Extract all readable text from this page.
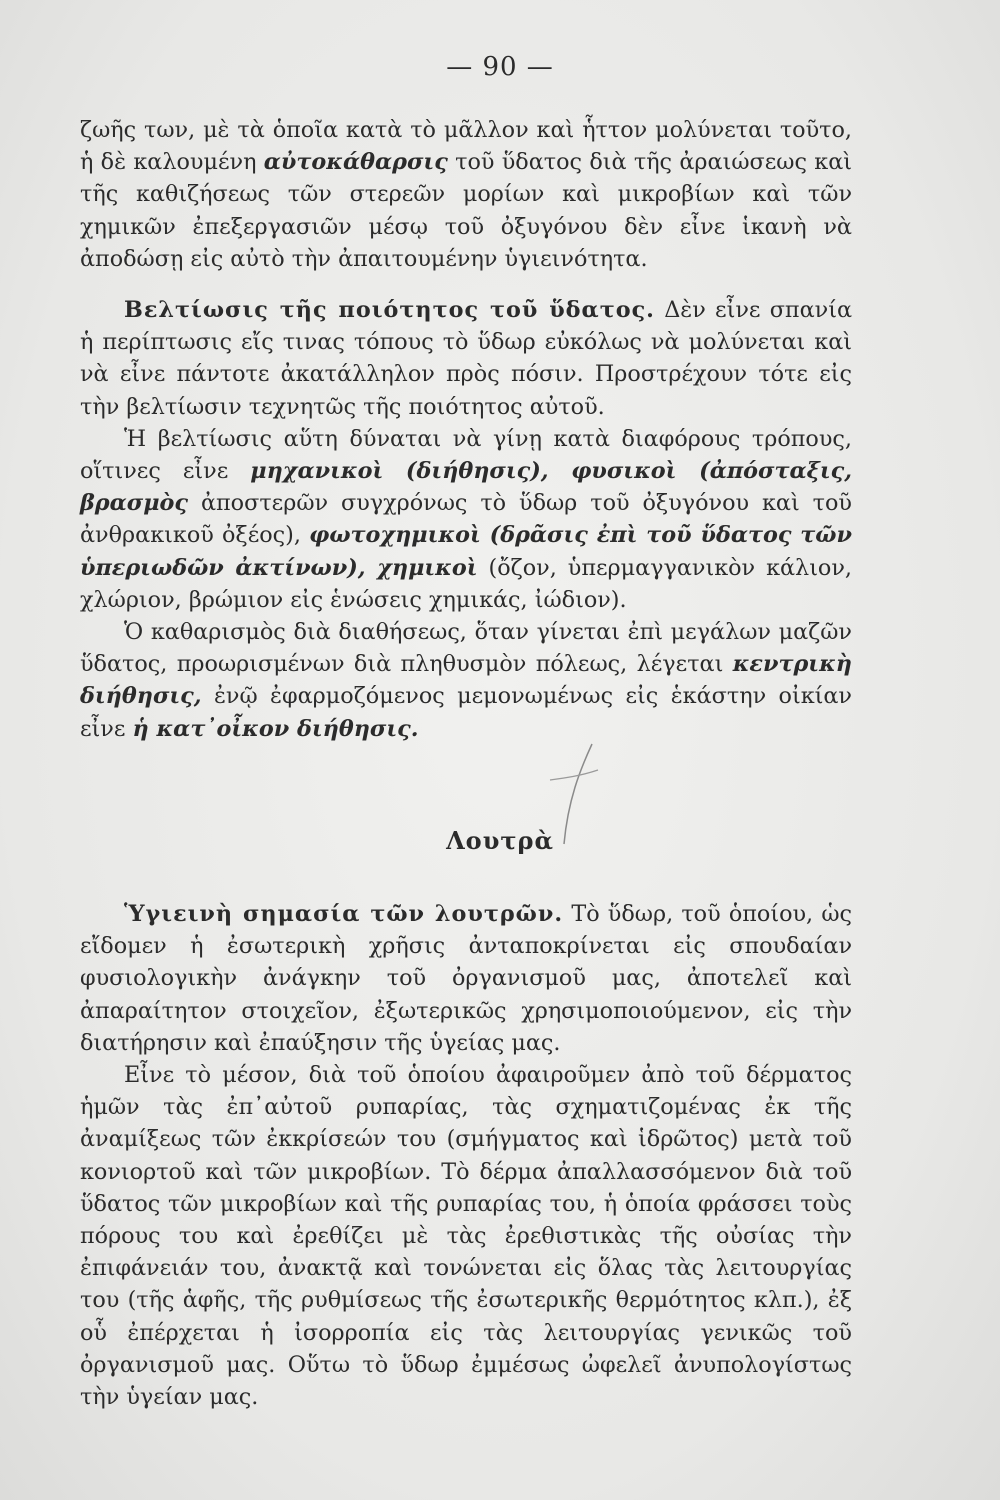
— 90 —

ζωῆς των, μὲ τὰ ὁποῖα κατὰ τὸ μᾶλλον καὶ ἧττον μολύνεται τοῦτο, ἡ δὲ καλουμένη αὐτοκάθαρσις τοῦ ὕδατος διὰ τῆς ἀραιώσεως καὶ τῆς καθιζήσεως τῶν στερεῶν μορίων καὶ μικροβίων καὶ τῶν χημικῶν ἐπεξεργασιῶν μέσῳ τοῦ ὀξυγόνου δὲν εἶνε ἱκανὴ νὰ ἀποδώσῃ εἰς αὐτὸ τὴν ἀπαιτουμένην ὑγιεινότητα.

Βελτίωσις τῆς ποιότητος τοῦ ὕδατος. Δὲν εἶνε σπανία ἡ περίπτωσις εἴς τινας τόπους τὸ ὕδωρ εὐκόλως νὰ μολύνεται καὶ νὰ εἶνε πάντοτε ἀκατάλληλον πρὸς πόσιν. Προστρέχουν τότε εἰς τὴν βελτίωσιν τεχνητῶς τῆς ποιότητος αὐτοῦ.

Ἡ βελτίωσις αὕτη δύναται νὰ γίνῃ κατὰ διαφόρους τρόπους, οἵτινες εἶνε μηχανικοὶ (διήθησις), φυσικοὶ (ἀπόσταξις, βρασμὸς ἀποστερῶν συγχρόνως τὸ ὕδωρ τοῦ ὀξυγόνου καὶ τοῦ ἀνθρακικοῦ ὀξέος), φωτοχημικοὶ (δρᾶσις ἐπὶ τοῦ ὕδατος τῶν ὑπεριωδῶν ἀκτίνων), χημικοὶ (ὄζον, ὑπερμαγγανικὸν κάλιον, χλώριον, βρώμιον εἰς ἑνώσεις χημικάς, ἰώδιον).

Ὁ καθαρισμὸς διὰ διαθήσεως, ὅταν γίνεται ἐπὶ μεγάλων μαζῶν ὕδατος, προωρισμένων διὰ πληθυσμὸν πόλεως, λέγεται κεντρικὴ διήθησις, ἐνῷ ἐφαρμοζόμενος μεμονωμένως εἰς ἑκάστην οἰκίαν εἶνε ἡ κατ᾽οἶκον διήθησις.

Λουτρὰ

Ὑγιεινὴ σημασία τῶν λουτρῶν. Τὸ ὕδωρ, τοῦ ὁποίου, ὡς εἴδομεν ἡ ἐσωτερικὴ χρῆσις ἀνταποκρίνεται εἰς σπουδαίαν φυσιολογικὴν ἀνάγκην τοῦ ὀργανισμοῦ μας, ἀποτελεῖ καὶ ἀπαραίτητον στοιχεῖον, ἐξωτερικῶς χρησιμοποιούμενον, εἰς τὴν διατήρησιν καὶ ἐπαύξησιν τῆς ὑγείας μας.

Εἶνε τὸ μέσον, διὰ τοῦ ὁποίου ἀφαιροῦμεν ἀπὸ τοῦ δέρματος ἡμῶν τὰς ἐπ᾽αὐτοῦ ρυπαρίας, τὰς σχηματιζομένας ἐκ τῆς ἀναμίξεως τῶν ἐκκρίσεών του (σμήγματος καὶ ἱδρῶτος) μετὰ τοῦ κονιορτοῦ καὶ τῶν μικροβίων. Τὸ δέρμα ἀπαλλασσόμενον διὰ τοῦ ὕδατος τῶν μικροβίων καὶ τῆς ρυπαρίας του, ἡ ὁποία φράσσει τοὺς πόρους του καὶ ἐρεθίζει μὲ τὰς ἐρεθιστικὰς τῆς οὐσίας τὴν ἐπιφάνειάν του, ἀνακτᾷ καὶ τονώνεται εἰς ὅλας τὰς λειτουργίας του (τῆς ἁφῆς, τῆς ρυθμίσεως τῆς ἐσωτερικῆς θερμότητος κλπ.), ἐξ οὗ ἐπέρχεται ἡ ἰσορροπία εἰς τὰς λειτουργίας γενικῶς τοῦ ὀργανισμοῦ μας. Οὕτω τὸ ὕδωρ ἐμμέσως ὠφελεῖ ἀνυπολογίστως τὴν ὑγείαν μας.
